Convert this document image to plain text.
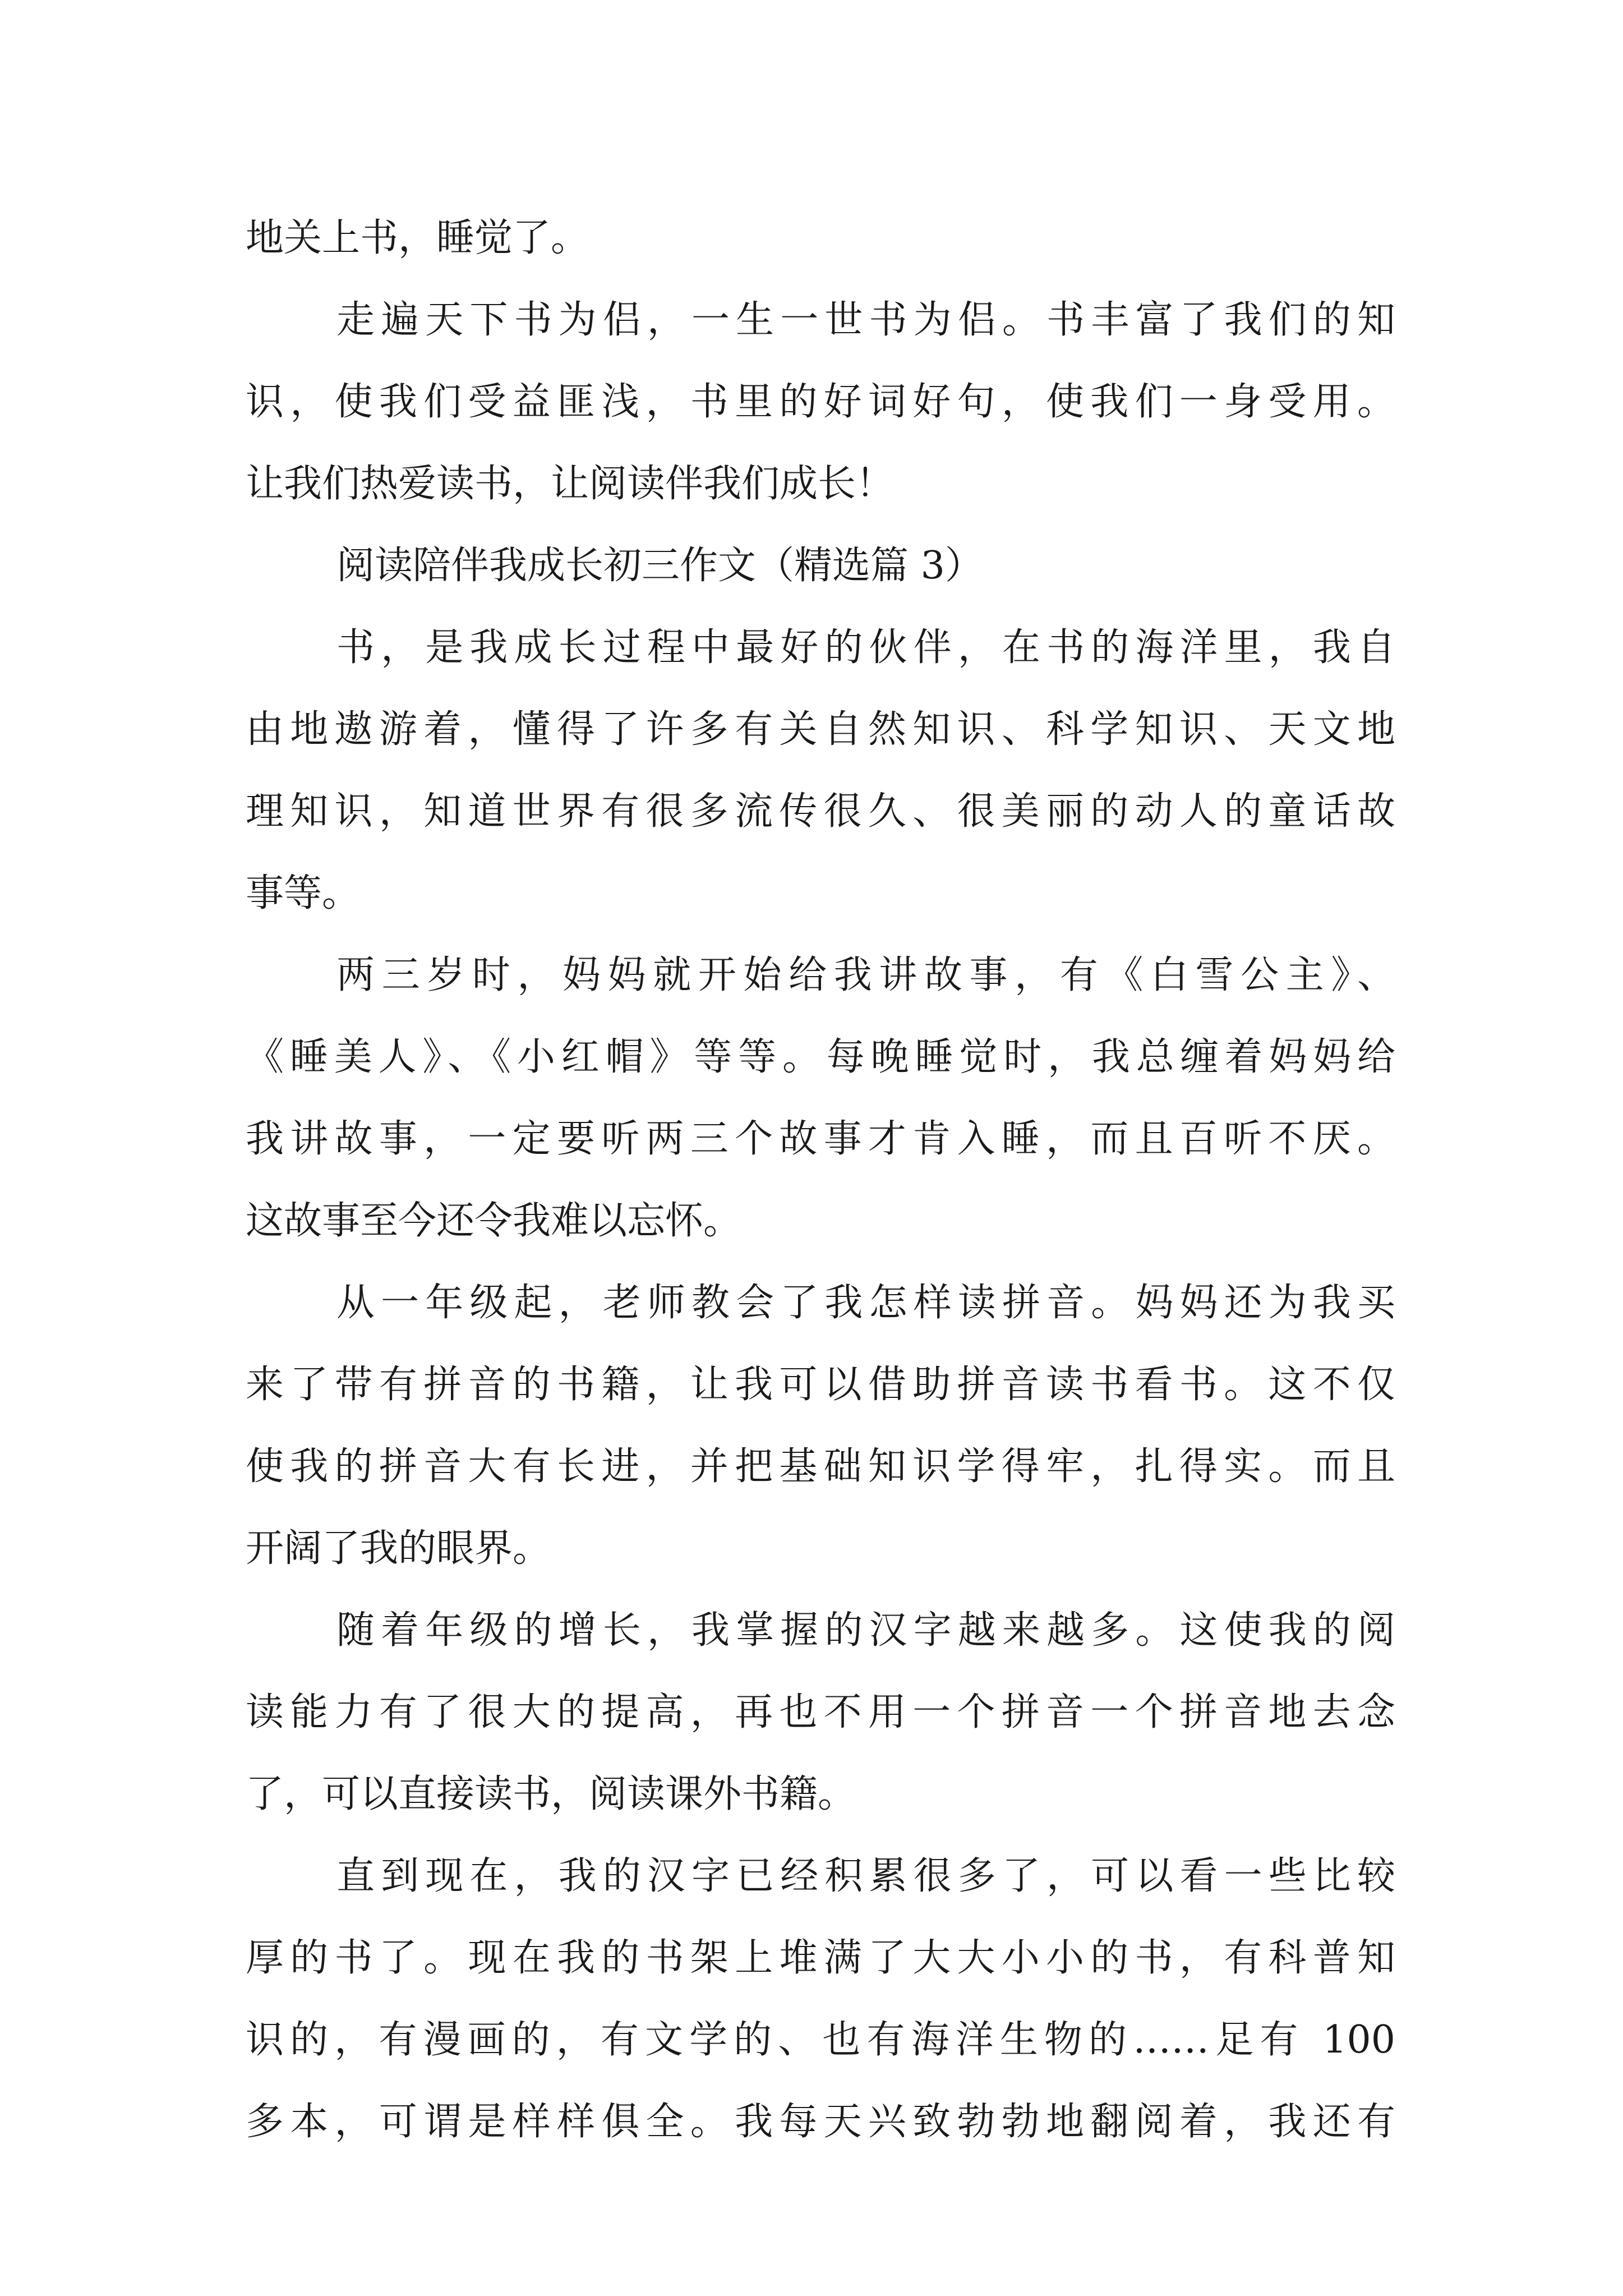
地关上书，睡觉了。
走遍天下书为侣，一生一世书为侣。书丰富了我们的知
识，使我们受益匪浅，书里的好词好句，使我们一身受用。
让我们热爱读书，让阅读伴我们成长！
阅读陪伴我成长初三作文（精选篇 3）
书，是我成长过程中最好的伙伴，在书的海洋里，我自
由地遨游着，懂得了许多有关自然知识、科学知识、天文地
理知识，知道世界有很多流传很久、很美丽的动人的童话故
事等。
两三岁时，妈妈就开始给我讲故事，有《白雪公主》、
《睡美人》、《小红帽》等等。每晚睡觉时，我总缠着妈妈给
我讲故事，一定要听两三个故事才肯入睡，而且百听不厌。
这故事至今还令我难以忘怀。
从一年级起，老师教会了我怎样读拼音。妈妈还为我买
来了带有拼音的书籍，让我可以借助拼音读书看书。这不仅
使我的拼音大有长进，并把基础知识学得牢，扎得实。而且
开阔了我的眼界。
随着年级的增长，我掌握的汉字越来越多。这使我的阅
读能力有了很大的提高，再也不用一个拼音一个拼音地去念
了，可以直接读书，阅读课外书籍。
直到现在，我的汉字已经积累很多了，可以看一些比较
厚的书了。现在我的书架上堆满了大大小小的书，有科普知
识的，有漫画的，有文学的、也有海洋生物的……足有 100
多本，可谓是样样俱全。我每天兴致勃勃地翻阅着，我还有
